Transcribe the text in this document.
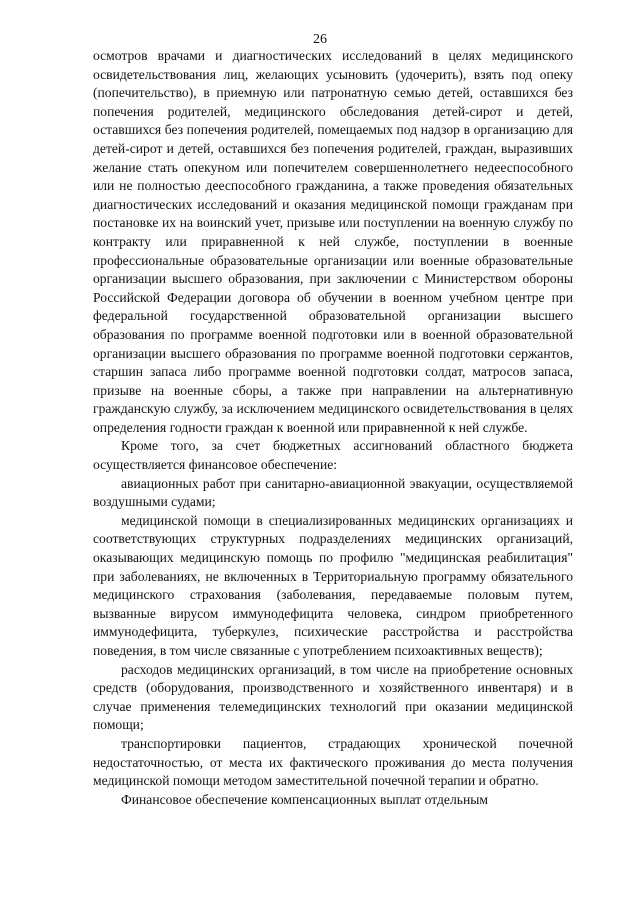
26

осмотров врачами и диагностических исследований в целях медицинского освидетельствования лиц, желающих усыновить (удочерить), взять под опеку (попечительство), в приемную или патронатную семью детей, оставшихся без попечения родителей, медицинского обследования детей-сирот и детей, оставшихся без попечения родителей, помещаемых под надзор в организацию для детей-сирот и детей, оставшихся без попечения родителей, граждан, выразивших желание стать опекуном или попечителем совершеннолетнего недееспособного или не полностью дееспособного гражданина, а также проведения обязательных диагностических исследований и оказания медицинской помощи гражданам при постановке их на воинский учет, призыве или поступлении на военную службу по контракту или приравненной к ней службе, поступлении в военные профессиональные образовательные организации или военные образовательные организации высшего образования, при заключении с Министерством обороны Российской Федерации договора об обучении в военном учебном центре при федеральной государственной образовательной организации высшего образования по программе военной подготовки или в военной образовательной организации высшего образования по программе военной подготовки сержантов, старшин запаса либо программе военной подготовки солдат, матросов запаса, призыве на военные сборы, а также при направлении на альтернативную гражданскую службу, за исключением медицинского освидетельствования в целях определения годности граждан к военной или приравненной к ней службе.

Кроме того, за счет бюджетных ассигнований областного бюджета осуществляется финансовое обеспечение:

авиационных работ при санитарно-авиационной эвакуации, осуществляемой воздушными судами;

медицинской помощи в специализированных медицинских организациях и соответствующих структурных подразделениях медицинских организаций, оказывающих медицинскую помощь по профилю "медицинская реабилитация" при заболеваниях, не включенных в Территориальную программу обязательного медицинского страхования (заболевания, передаваемые половым путем, вызванные вирусом иммунодефицита человека, синдром приобретенного иммунодефицита, туберкулез, психические расстройства и расстройства поведения, в том числе связанные с употреблением психоактивных веществ);

расходов медицинских организаций, в том числе на приобретение основных средств (оборудования, производственного и хозяйственного инвентаря) и в случае применения телемедицинских технологий при оказании медицинской помощи;

транспортировки пациентов, страдающих хронической почечной недостаточностью, от места их фактического проживания до места получения медицинской помощи методом заместительной почечной терапии и обратно.

Финансовое обеспечение компенсационных выплат отдельным
